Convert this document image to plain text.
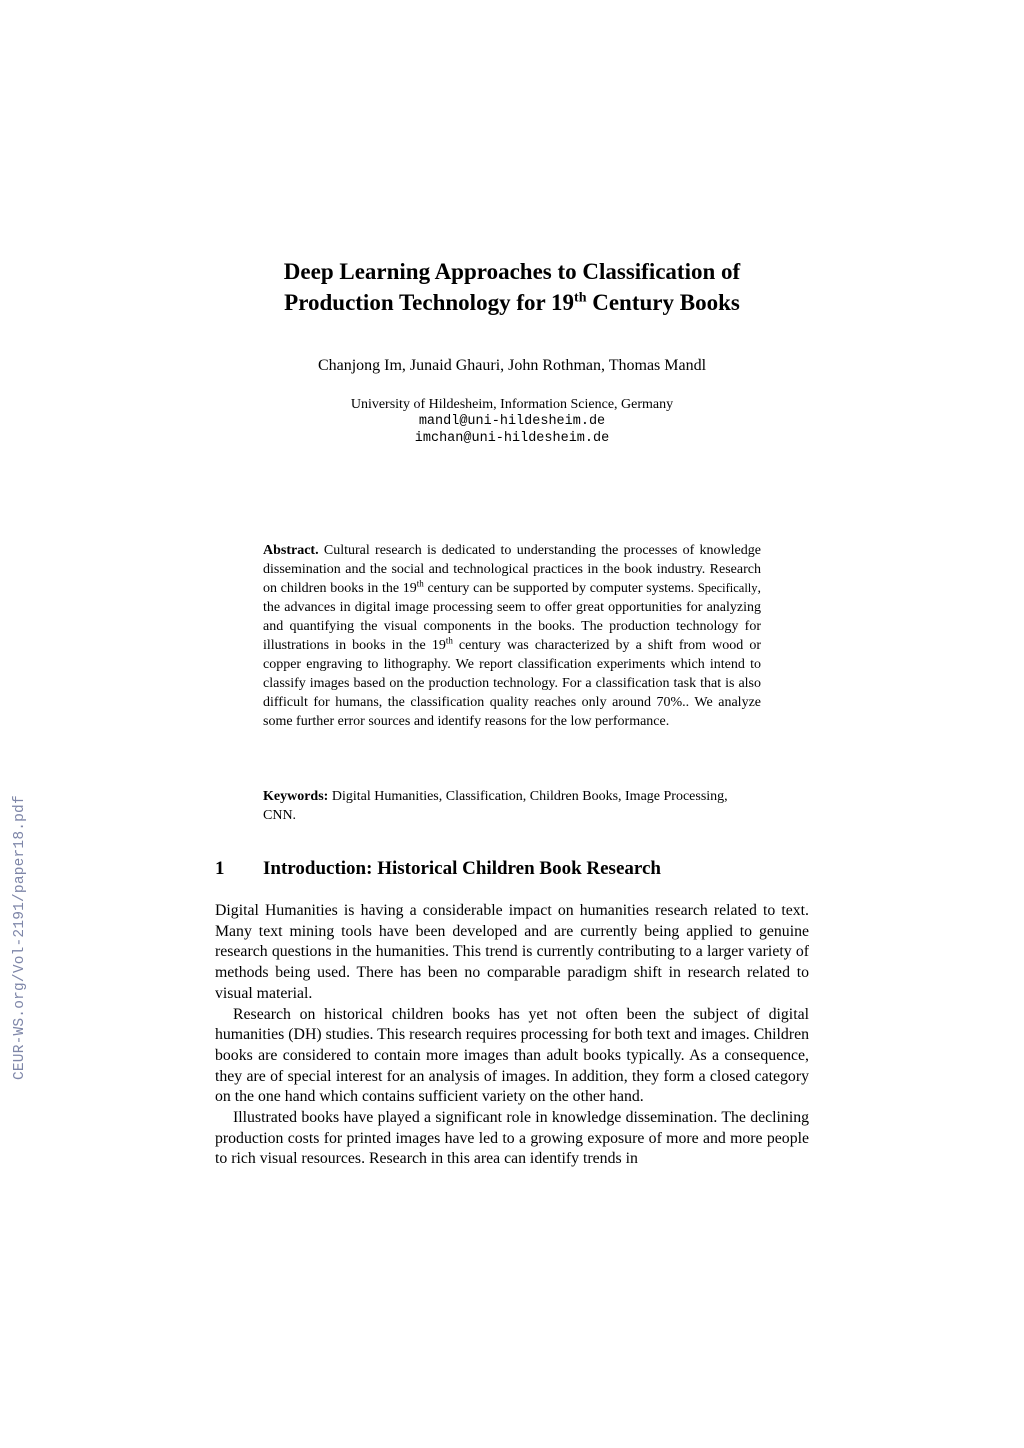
CEUR-WS.org/Vol-2191/paper18.pdf
Deep Learning Approaches to Classification of
Production Technology for 19th Century Books
Chanjong Im, Junaid Ghauri, John Rothman, Thomas Mandl
University of Hildesheim, Information Science, Germany
mandl@uni-hildesheim.de
imchan@uni-hildesheim.de
Abstract. Cultural research is dedicated to understanding the processes of knowledge dissemination and the social and technological practices in the book industry. Research on children books in the 19th century can be supported by computer systems. Specifically, the advances in digital image processing seem to offer great opportunities for analyzing and quantifying the visual components in the books. The production technology for illustrations in books in the 19th century was characterized by a shift from wood or copper engraving to lithography. We report classification experiments which intend to classify images based on the production technology. For a classification task that is also difficult for humans, the classification quality reaches only around 70%.. We analyze some further error sources and identify reasons for the low performance.
Keywords: Digital Humanities, Classification, Children Books, Image Processing, CNN.
1 Introduction: Historical Children Book Research

Digital Humanities is having a considerable impact on humanities research related to text. Many text mining tools have been developed and are currently being applied to genuine research questions in the humanities. This trend is currently contributing to a larger variety of methods being used. There has been no comparable paradigm shift in research related to visual material.

Research on historical children books has yet not often been the subject of digital humanities (DH) studies. This research requires processing for both text and images. Children books are considered to contain more images than adult books typically. As a consequence, they are of special interest for an analysis of images. In addition, they form a closed category on the one hand which contains sufficient variety on the other hand.

Illustrated books have played a significant role in knowledge dissemination. The declining production costs for printed images have led to a growing exposure of more and more people to rich visual resources. Research in this area can identify trends in
